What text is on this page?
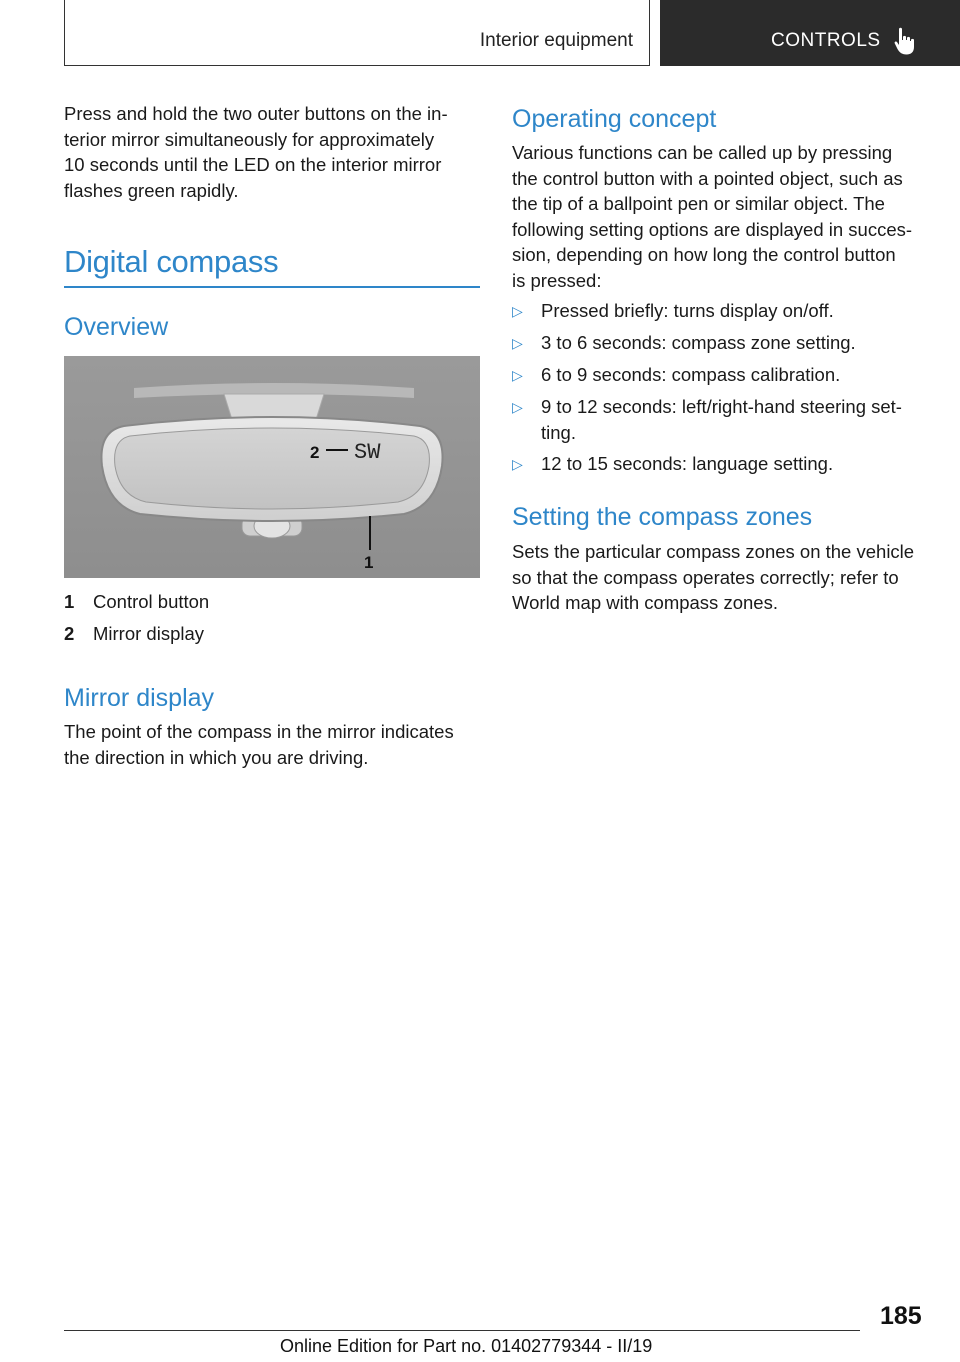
Interior equipment	CONTROLS
Press and hold the two outer buttons on the in-
terior mirror simultaneously for approximately
10 seconds until the LED on the interior mirror
flashes green rapidly.
Digital compass
Overview
2 SW
1
1 Control button
2 Mirror display
Mirror display
The point of the compass in the mirror indicates
the direction in which you are driving.
Operating concept
Various functions can be called up by pressing
the control button with a pointed object, such as
the tip of a ballpoint pen or similar object. The
following setting options are displayed in succes-
sion, depending on how long the control button
is pressed:
▷ Pressed briefly: turns display on/off.
▷ 3 to 6 seconds: compass zone setting.
▷ 6 to 9 seconds: compass calibration.
▷ 9 to 12 seconds: left/right-hand steering set-
ting.
▷ 12 to 15 seconds: language setting.
Setting the compass zones
Sets the particular compass zones on the vehicle
so that the compass operates correctly; refer to
World map with compass zones.
185
Online Edition for Part no. 01402779344 - II/19
